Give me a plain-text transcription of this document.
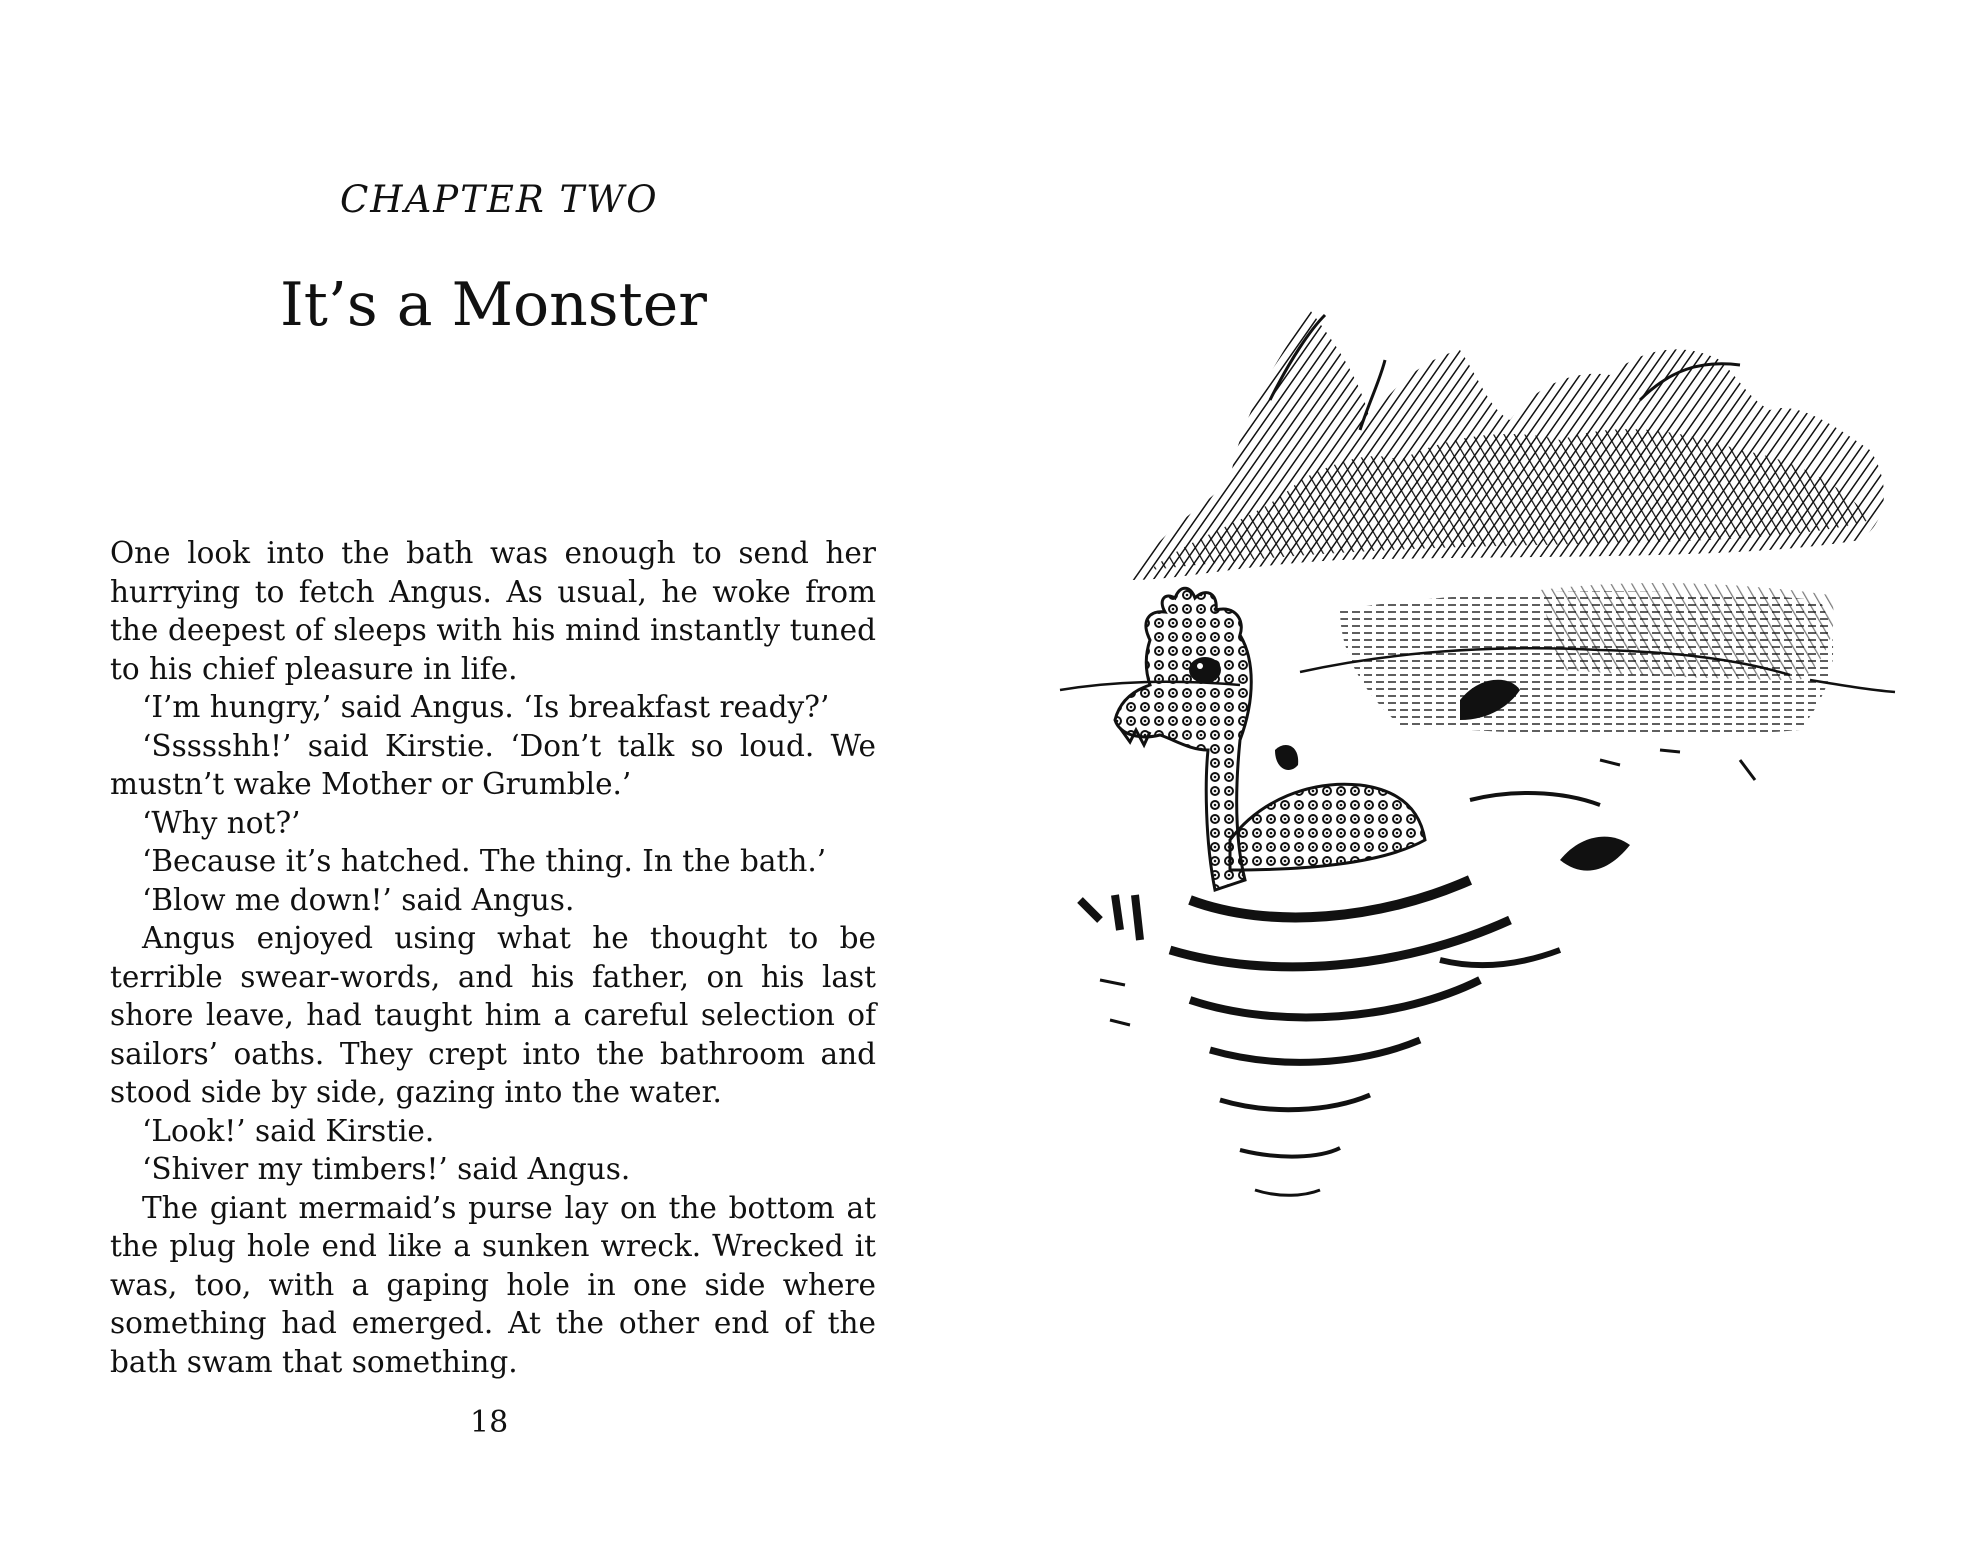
CHAPTER TWO
It’s a Monster

One look into the bath was enough to send her hurrying to fetch Angus. As usual, he woke from the deepest of sleeps with his mind instantly tuned to his chief pleasure in life.

‘I’m hungry,’ said Angus. ‘Is breakfast ready?’

‘Ssssshh!’ said Kirstie. ‘Don’t talk so loud. We mustn’t wake Mother or Grumble.’

‘Why not?’

‘Because it’s hatched. The thing. In the bath.’

‘Blow me down!’ said Angus.

Angus enjoyed using what he thought to be terrible swear-words, and his father, on his last shore leave, had taught him a careful selection of sailors’ oaths. They crept into the bathroom and stood side by side, gazing into the water.

‘Look!’ said Kirstie.

‘Shiver my timbers!’ said Angus.

The giant mermaid’s purse lay on the bottom at the plug hole end like a sunken wreck. Wrecked it was, too, with a gaping hole in one side where something had emerged. At the other end of the bath swam that something.

18
